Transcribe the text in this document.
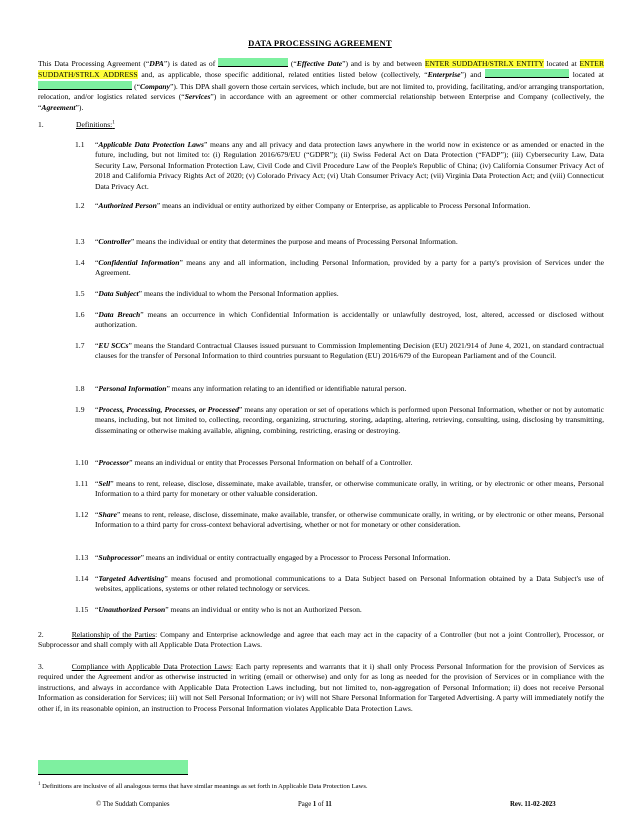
DATA PROCESSING AGREEMENT
This Data Processing Agreement (“DPA”) is dated as of	(“Effective Date”) and is by and between ENTER SUDDATH/STRLX ENTITY located at ENTER SUDDATH/STRLX ADDRESS and, as applicable, those specific additional, related entities listed below (collectively, “Enterprise”) and	located at  (“Company”). This DPA shall govern those certain services, which include, but are not limited to, providing, facilitating, and/or arranging transportation, relocation, and/or logistics related services (“Services”) in accordance with an agreement or other commercial relationship between Enterprise and Company (collectively, the “Agreement”).
1.	Definitions:$^1$
1.1 “Applicable Data Protection Laws” means any and all privacy and data protection laws anywhere in the world now in existence or as amended or enacted in the future, including, but not limited to: (i) Regulation 2016/679/EU (“GDPR”); (ii) Swiss Federal Act on Data Protection (“FADP”); (iii) Cybersecurity Law, Data Security Law, Personal Information Protection Law, Civil Code and Civil Procedure Law of the People's Republic of China; (iv) California Consumer Privacy Act of 2018 and California Privacy Rights Act of 2020; (v) Colorado Privacy Act; (vi) Utah Consumer Privacy Act; (vii) Virginia Data Protection Act; and (viii) Connecticut Data Privacy Act.
1.2 “Authorized Person” means an individual or entity authorized by either Company or Enterprise, as applicable to Process Personal Information.
1.3 “Controller” means the individual or entity that determines the purpose and means of Processing Personal Information.
1.4 “Confidential Information” means any and all information, including Personal Information, provided by a party for a party's provision of Services under the Agreement.
1.5 “Data Subject” means the individual to whom the Personal Information applies.
1.6 “Data Breach” means an occurrence in which Confidential Information is accidentally or unlawfully destroyed, lost, altered, accessed or disclosed without authorization.
1.7 “EU SCCs” means the Standard Contractual Clauses issued pursuant to Commission Implementing Decision (EU) 2021/914 of June 4, 2021, on standard contractual clauses for the transfer of Personal Information to third countries pursuant to Regulation (EU) 2016/679 of the European Parliament and of the Council.
1.8 “Personal Information” means any information relating to an identified or identifiable natural person.
1.9 “Process, Processing, Processes, or Processed” means any operation or set of operations which is performed upon Personal Information, whether or not by automatic means, including, but not limited to, collecting, recording, organizing, structuring, storing, adapting, altering, retrieving, consulting, using, disclosing by transmitting, disseminating or otherwise making available, aligning, combining, restricting, erasing or destroying.
1.10 “Processor” means an individual or entity that Processes Personal Information on behalf of a Controller.
1.11 “Sell” means to rent, release, disclose, disseminate, make available, transfer, or otherwise communicate orally, in writing, or by electronic or other means, Personal Information to a third party for monetary or other valuable consideration.
1.12 “Share” means to rent, release, disclose, disseminate, make available, transfer, or otherwise communicate orally, in writing, or by electronic or other means, Personal Information to a third party for cross-context behavioral advertising, whether or not for monetary or other consideration.
1.13 “Subprocessor” means an individual or entity contractually engaged by a Processor to Process Personal Information.
1.14 “Targeted Advertising” means focused and promotional communications to a Data Subject based on Personal Information obtained by a Data Subject's use of websites, applications, systems or other related technology or services.
1.15 “Unauthorized Person” means an individual or entity who is not an Authorized Person.
2.	Relationship of the Parties: Company and Enterprise acknowledge and agree that each may act in the capacity of a Controller (but not a joint Controller), Processor, or Subprocessor and shall comply with all Applicable Data Protection Laws.
3.	Compliance with Applicable Data Protection Laws: Each party represents and warrants that it i) shall only Process Personal Information for the provision of Services as required under the Agreement and/or as otherwise instructed in writing (email or otherwise) and only for as long as needed for the provision of Services or in compliance with the instructions, and always in accordance with Applicable Data Protection Laws including, but not limited to, non-aggregation of Personal Information; ii) does not receive Personal Information as consideration for Services; iii) will not Sell Personal Information; or iv) will not Share Personal Information for Targeted Advertising. A party will immediately notify the other if, in its reasonable opinion, an instruction to Process Personal Information violates Applicable Data Protection Laws.
$^1$ Definitions are inclusive of all analogous terms that have similar meanings as set forth in Applicable Data Protection Laws.
© The Suddath Companies	Page 1 of 11	Rev. 11-02-2023
